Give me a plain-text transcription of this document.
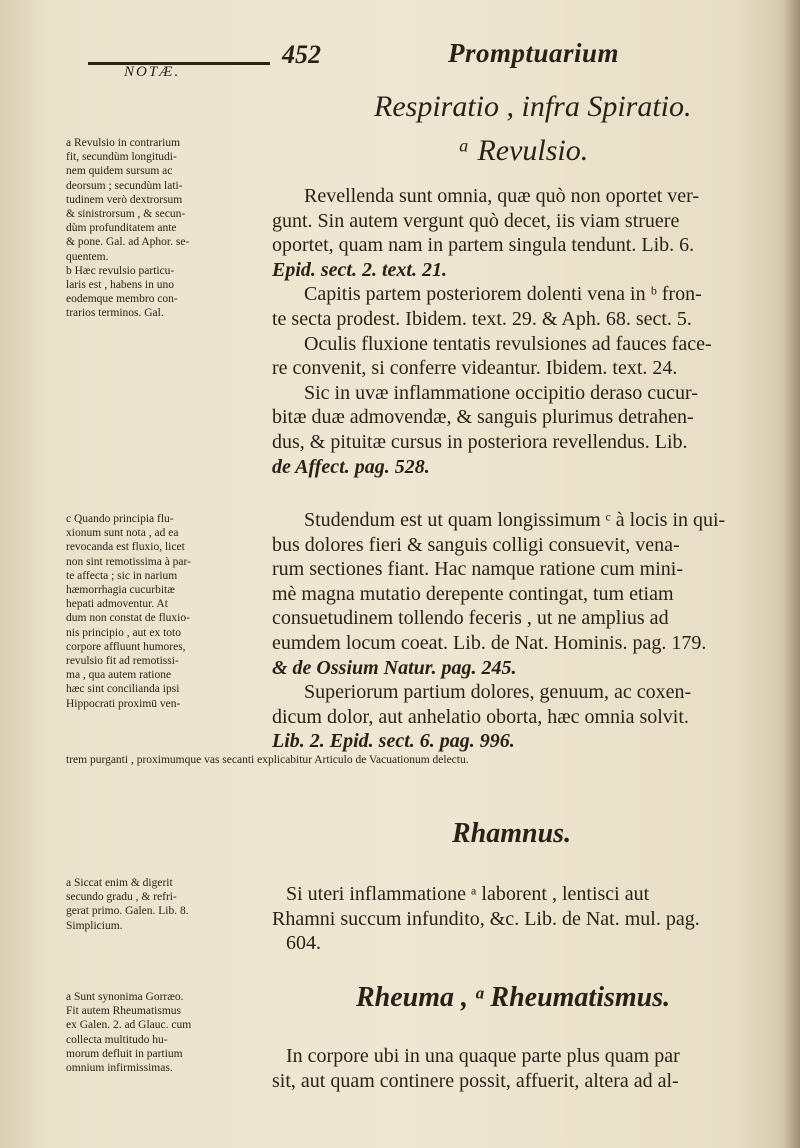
NOTÆ.
452	Promptuarium
Respiratio , infra Spiratio.
ᵃ Revulsio.
a Revulsio in contrarium
fit, secundùm longitudi-
nem quidem sursum ac
deorsum ; secundùm lati-
tudinem verò dextrorsum
& sinistrorsum , & secun-
dùm profunditatem ante
& pone. Gal. ad Aphor. se-
quentem.
b Hæc revulsio particu-
laris est , habens in uno
eodemque membro con-
trarios terminos. Gal.
Revellenda sunt omnia, quæ quò non oportet ver-
gunt. Sin autem vergunt quò decet, iis viam struere
oportet, quam nam in partem singula tendunt. Lib. 6.
Epid. sect. 2. text. 21.
Capitis partem posteriorem dolenti vena in ᵇ fron-
te secta prodest. Ibidem. text. 29. & Aph. 68. sect. 5.
Oculis fluxione tentatis revulsiones ad fauces face-
re convenit, si conferre videantur. Ibidem. text. 24.
Sic in uvæ inflammatione occipitio deraso cucur-
bitæ duæ admovendæ, & sanguis plurimus detrahen-
dus, & pituitæ cursus in posteriora revellendus. Lib.
de Affect. pag. 528.
c Quando principia flu-
xionum sunt nota , ad ea
revocanda est fluxio, licet
non sint remotissima à par-
te affecta ; sic in narium
hæmorrhagia cucurbitæ
hepati admoventur. At
dum non constat de fluxio-
nis principio , aut ex toto
corpore affluunt humores,
revulsio fit ad remotissi-
ma , qua autem ratione
hæc sint concilianda ipsi
Hippocrati proximū ven-
Studendum est ut quam longissimum ᶜ à locis in qui-
bus dolores fieri & sanguis colligi consuevit, vena-
rum sectiones fiant. Hac namque ratione cum mini-
mè magna mutatio derepente contingat, tum etiam
consuetudinem tollendo feceris , ut ne amplius ad
eumdem locum coeat. Lib. de Nat. Hominis. pag. 179.
& de Ossium Natur. pag. 245.
Superiorum partium dolores, genuum, ac coxen-
dicum dolor, aut anhelatio oborta, hæc omnia solvit.
Lib. 2. Epid. sect. 6. pag. 996.
trem purganti , proximumque vas secanti explicabitur Articulo de Vacuationum delectu.
Rhamnus.
a Siccat enim & digerit
secundo gradu , & refri-
gerat primo. Galen. Lib. 8.
Simplicium.
Si uteri inflammatione ᵃ laborent , lentisci aut
Rhamni succum infundito, &c. Lib. de Nat. mul. pag.
604.
Rheuma , ᵃ Rheumatismus.
a Sunt synonima Gorræo.
Fit autem Rheumatismus
ex Galen. 2. ad Glauc. cum
collecta multitudo hu-
morum defluit in partium
omnium infirmissimas.
In corpore ubi in una quaque parte plus quam par
sit, aut quam continere possit, affuerit, altera ad al-
